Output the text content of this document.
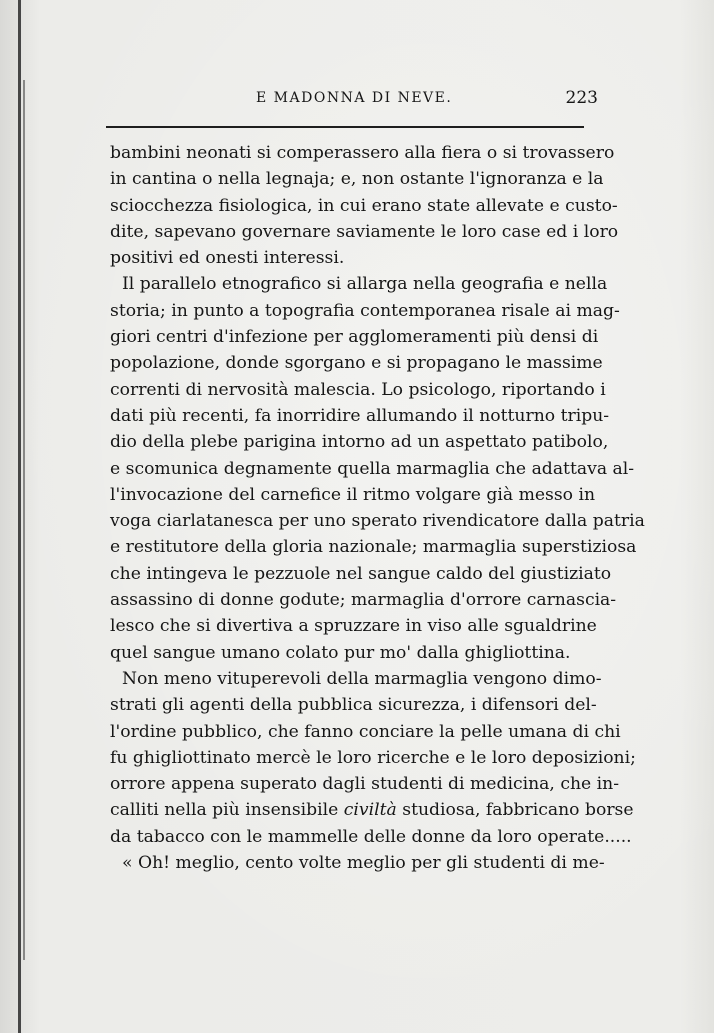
E MADONNA DI NEVE.	223
bambini neonati si comperassero alla fiera o si trovassero
in cantina o nella legnaja; e, non ostante l'ignoranza e la
sciocchezza fisiologica, in cui erano state allevate e custo-
dite, sapevano governare saviamente le loro case ed i loro
positivi ed onesti interessi.
Il parallelo etnografico si allarga nella geografia e nella
storia; in punto a topografia contemporanea risale ai mag-
giori centri d'infezione per agglomeramenti più densi di
popolazione, donde sgorgano e si propagano le massime
correnti di nervosità malescia. Lo psicologo, riportando i
dati più recenti, fa inorridire allumando il notturno tripu-
dio della plebe parigina intorno ad un aspettato patibolo,
e scomunica degnamente quella marmaglia che adattava al-
l'invocazione del carnefice il ritmo volgare già messo in
voga ciarlatanesca per uno sperato rivendicatore dalla patria
e restitutore della gloria nazionale; marmaglia superstiziosa
che intingeva le pezzuole nel sangue caldo del giustiziato
assassino di donne godute; marmaglia d'orrore carnascia-
lesco che si divertiva a spruzzare in viso alle sgualdrine
quel sangue umano colato pur mo' dalla ghigliottina.
Non meno vituperevoli della marmaglia vengono dimo-
strati gli agenti della pubblica sicurezza, i difensori del-
l'ordine pubblico, che fanno conciare la pelle umana di chi
fu ghigliottinato mercè le loro ricerche e le loro deposizioni;
orrore appena superato dagli studenti di medicina, che in-
calliti nella più insensibile civiltà studiosa, fabbricano borse
da tabacco con le mammelle delle donne da loro operate.....
« Oh! meglio, cento volte meglio per gli studenti di me-
